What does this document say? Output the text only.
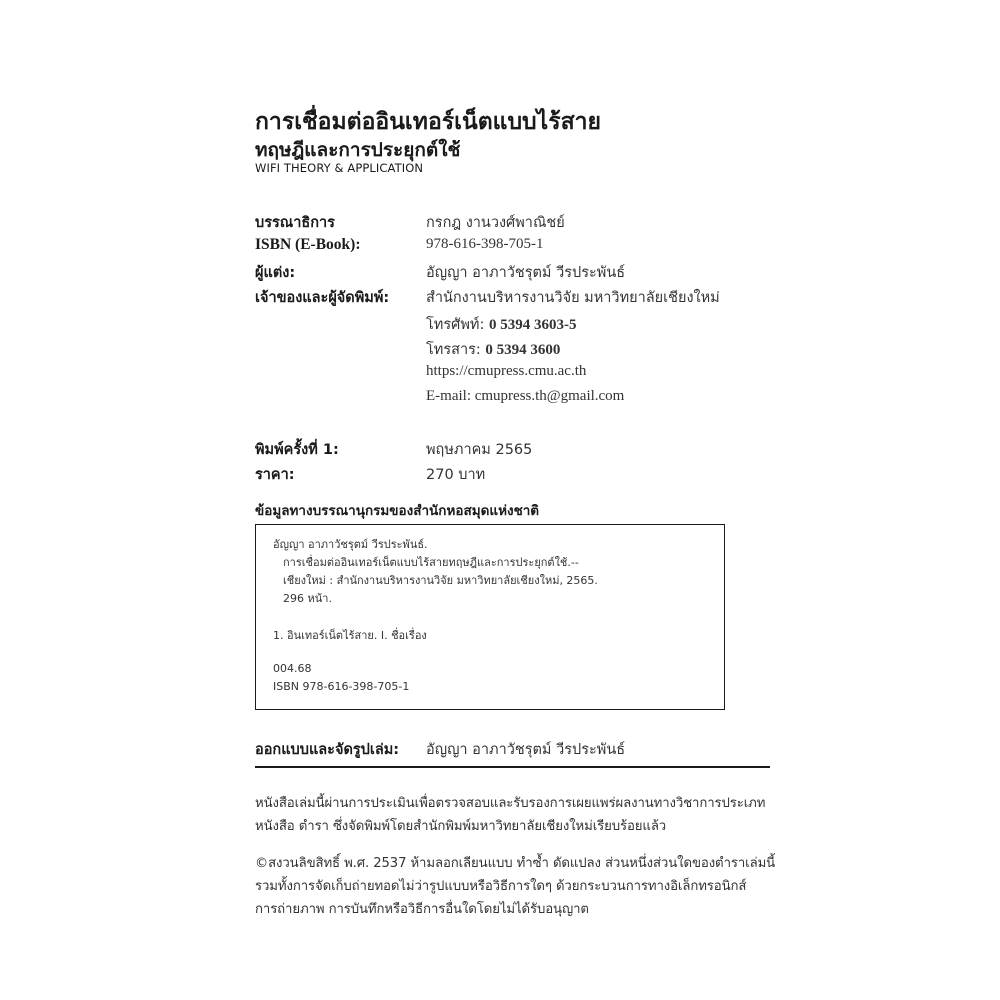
การเชื่อมต่ออินเทอร์เน็ตแบบไร้สาย
ทฤษฎีและการประยุกต์ใช้
WIFI THEORY & APPLICATION
บรรณาธิการ	กรกฎ งานวงศ์พาณิชย์
ISBN (E-Book):	978-616-398-705-1
ผู้แต่ง:	อัญญา อาภาวัชรุตม์ วีรประพันธ์
เจ้าของและผู้จัดพิมพ์:	สำนักงานบริหารงานวิจัย มหาวิทยาลัยเชียงใหม่
โทรศัพท์: 0 5394 3603-5
โทรสาร: 0 5394 3600
https://cmupress.cmu.ac.th
E-mail: cmupress.th@gmail.com
พิมพ์ครั้งที่ 1:	พฤษภาคม 2565
ราคา:	270 บาท
ข้อมูลทางบรรณานุกรมของสำนักหอสมุดแห่งชาติ
อัญญา อาภาวัชรุตม์ วีรประพันธ์.
การเชื่อมต่ออินเทอร์เน็ตแบบไร้สายทฤษฎีและการประยุกต์ใช้.--
เชียงใหม่ : สำนักงานบริหารงานวิจัย มหาวิทยาลัยเชียงใหม่, 2565.
296 หน้า.
1. อินเทอร์เน็ตไร้สาย. I. ชื่อเรื่อง
004.68
ISBN 978-616-398-705-1
ออกแบบและจัดรูปเล่ม: อัญญา อาภาวัชรุตม์ วีรประพันธ์
หนังสือเล่มนี้ผ่านการประเมินเพื่อตรวจสอบและรับรองการเผยแพร่ผลงานทางวิชาการประเภท
หนังสือ ตำรา ซึ่งจัดพิมพ์โดยสำนักพิมพ์มหาวิทยาลัยเชียงใหม่เรียบร้อยแล้ว
©สงวนลิขสิทธิ์ พ.ศ. 2537 ห้ามลอกเลียนแบบ ทำซ้ำ ดัดแปลง ส่วนหนึ่งส่วนใดของตำราเล่มนี้
รวมทั้งการจัดเก็บถ่ายทอดไม่ว่ารูปแบบหรือวิธีการใดๆ ด้วยกระบวนการทางอิเล็กทรอนิกส์
การถ่ายภาพ การบันทึกหรือวิธีการอื่นใดโดยไม่ได้รับอนุญาต
